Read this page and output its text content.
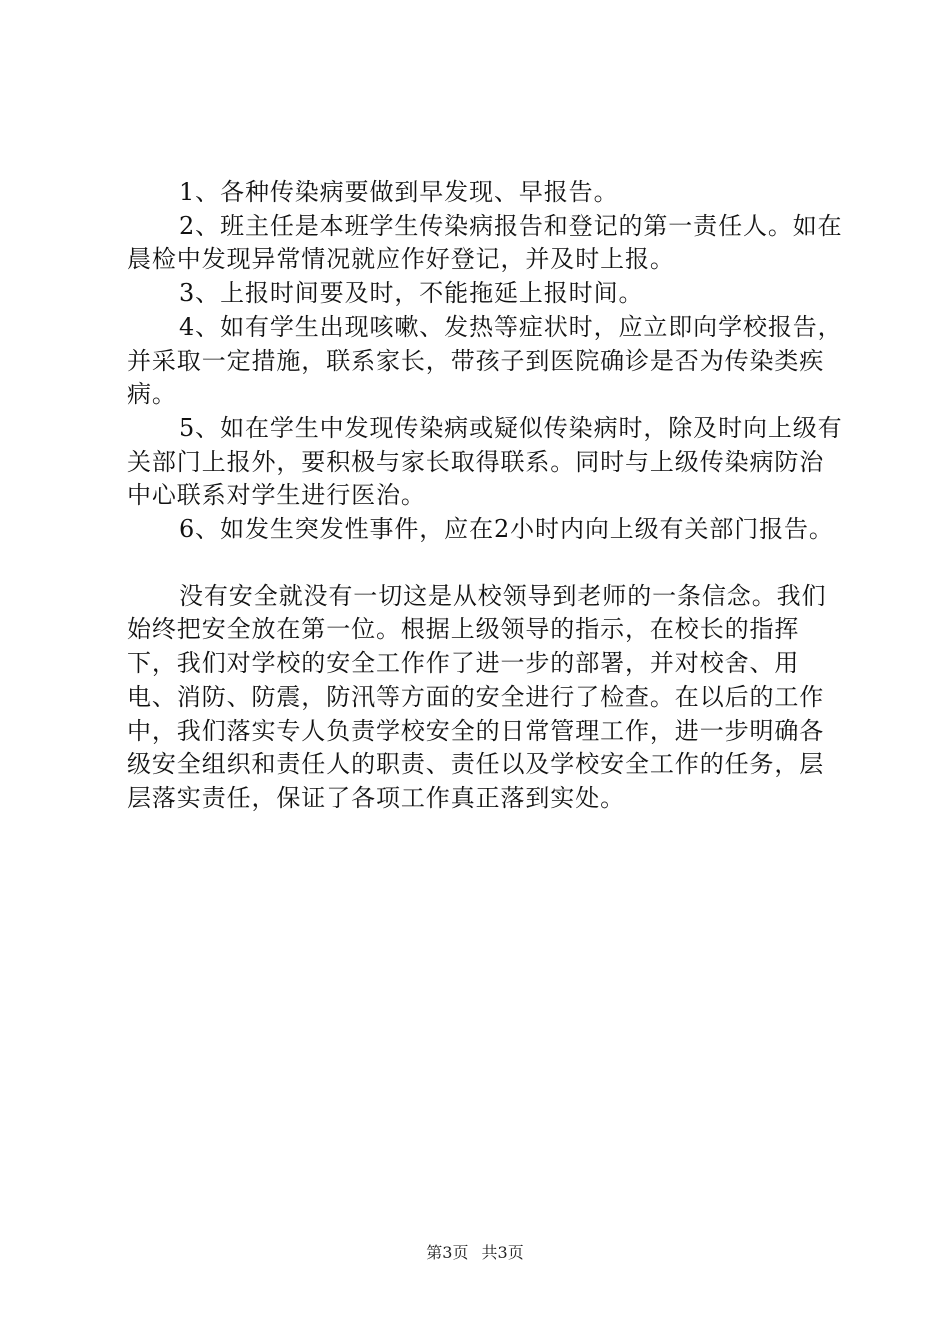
1、各种传染病要做到早发现、早报告。

2、班主任是本班学生传染病报告和登记的第一责任人。如在晨检中发现异常情况就应作好登记，并及时上报。

3、上报时间要及时，不能拖延上报时间。

4、如有学生出现咳嗽、发热等症状时，应立即向学校报告，并采取一定措施，联系家长，带孩子到医院确诊是否为传染类疾病。

5、如在学生中发现传染病或疑似传染病时，除及时向上级有关部门上报外，要积极与家长取得联系。同时与上级传染病防治中心联系对学生进行医治。

6、如发生突发性事件，应在2小时内向上级有关部门报告。

没有安全就没有一切这是从校领导到老师的一条信念。我们始终把安全放在第一位。根据上级领导的指示，在校长的指挥下，我们对学校的安全工作作了进一步的部署，并对校舍、用电、消防、防震，防汛等方面的安全进行了检查。在以后的工作中，我们落实专人负责学校安全的日常管理工作，进一步明确各级安全组织和责任人的职责、责任以及学校安全工作的任务，层层落实责任，保证了各项工作真正落到实处。

第3页 共3页
